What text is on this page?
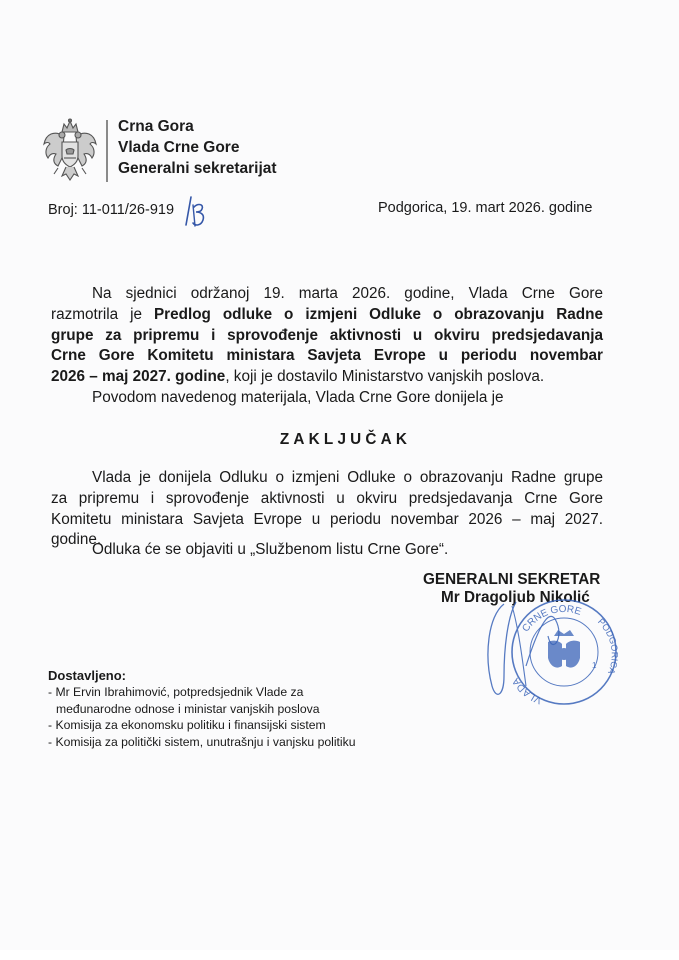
Crna Gora
Vlada Crne Gore
Generalni sekretarijat
Broj: 11-011/26-919	Podgorica, 19. mart 2026. godine
Na sjednici održanoj 19. marta 2026. godine, Vlada Crne Gore
razmotrila je Predlog odluke o izmjeni Odluke o obrazovanju Radne
grupe za pripremu i sprovođenje aktivnosti u okviru predsjedavanja
Crne Gore Komitetu ministara Savjeta Evrope u periodu novembar
2026 – maj 2027. godine, koji je dostavilo Ministarstvo vanjskih poslova.
Povodom navedenog materijala, Vlada Crne Gore donijela je
ZAKLJUČAK
Vlada je donijela Odluku o izmjeni Odluke o obrazovanju Radne grupe
za pripremu i sprovođenje aktivnosti u okviru predsjedavanja Crne Gore
Komitetu ministara Savjeta Evrope u periodu novembar 2026 – maj 2027.
godine.
Odluka će se objaviti u „Službenom listu Crne Gore“.
GENERALNI SEKRETAR
Mr Dragoljub Nikolić
CRNE GORE
PODGORICA
VLADA
1
Dostavljeno:
- Mr Ervin Ibrahimović, potpredsjednik Vlade za
međunarodne odnose i ministar vanjskih poslova
- Komisija za ekonomsku politiku i finansijski sistem
- Komisija za politički sistem, unutrašnju i vanjsku politiku
